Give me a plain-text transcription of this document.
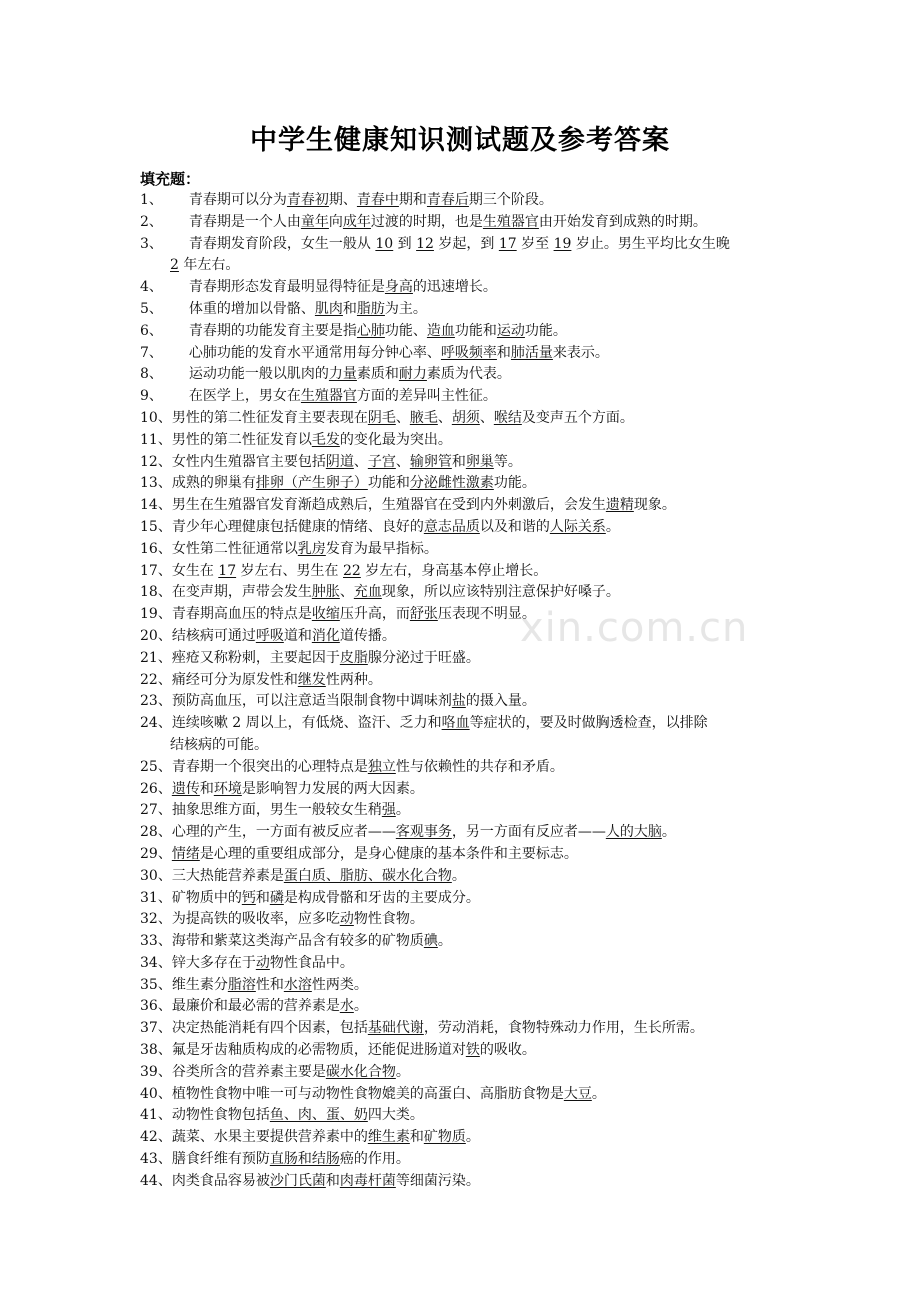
xin.com.cn
中学生健康知识测试题及参考答案
填充题：
1、 青春期可以分为青春初期、青春中期和青春后期三个阶段。
2、 青春期是一个人由童年向成年过渡的时期，也是生殖器官由开始发育到成熟的时期。
3、 青春期发育阶段，女生一般从 10 到 12 岁起，到 17 岁至 19 岁止。男生平均比女生晚
2 年左右。
4、 青春期形态发育最明显得特征是身高的迅速增长。
5、 体重的增加以骨骼、肌肉和脂肪为主。
6、 青春期的功能发育主要是指心肺功能、造血功能和运动功能。
7、 心肺功能的发育水平通常用每分钟心率、呼吸频率和肺活量来表示。
8、 运动功能一般以肌肉的力量素质和耐力素质为代表。
9、 在医学上，男女在生殖器官方面的差异叫主性征。
10、 男性的第二性征发育主要表现在阴毛、腋毛、胡须、喉结及变声五个方面。
11、 男性的第二性征发育以毛发的变化最为突出。
12、 女性内生殖器官主要包括阴道、子宫、输卵管和卵巢等。
13、 成熟的卵巢有排卵（产生卵子）功能和分泌雌性激素功能。
14、 男生在生殖器官发育渐趋成熟后，生殖器官在受到内外刺激后，会发生遗精现象。
15、 青少年心理健康包括健康的情绪、良好的意志品质以及和谐的人际关系。
16、 女性第二性征通常以乳房发育为最早指标。
17、 女生在 17 岁左右、男生在 22 岁左右，身高基本停止增长。
18、 在变声期，声带会发生肿胀、充血现象，所以应该特别注意保护好嗓子。
19、 青春期高血压的特点是收缩压升高，而舒张压表现不明显。
20、 结核病可通过呼吸道和消化道传播。
21、 痤疮又称粉刺，主要起因于皮脂腺分泌过于旺盛。
22、 痛经可分为原发性和继发性两种。
23、 预防高血压，可以注意适当限制食物中调味剂盐的摄入量。
24、 连续咳嗽 2 周以上，有低烧、盗汗、乏力和咯血等症状的，要及时做胸透检查，以排除
结核病的可能。
25、 青春期一个很突出的心理特点是独立性与依赖性的共存和矛盾。
26、 遗传和环境是影响智力发展的两大因素。
27、 抽象思维方面，男生一般较女生稍强。
28、 心理的产生，一方面有被反应者——客观事务，另一方面有反应者——人的大脑。
29、 情绪是心理的重要组成部分，是身心健康的基本条件和主要标志。
30、 三大热能营养素是蛋白质、脂肪、碳水化合物。
31、 矿物质中的钙和磷是构成骨骼和牙齿的主要成分。
32、 为提高铁的吸收率，应多吃动物性食物。
33、 海带和紫菜这类海产品含有较多的矿物质碘。
34、 锌大多存在于动物性食品中。
35、 维生素分脂溶性和水溶性两类。
36、 最廉价和最必需的营养素是水。
37、 决定热能消耗有四个因素，包括基础代谢，劳动消耗，食物特殊动力作用，生长所需。
38、 氟是牙齿釉质构成的必需物质，还能促进肠道对铁的吸收。
39、 谷类所含的营养素主要是碳水化合物。
40、 植物性食物中唯一可与动物性食物媲美的高蛋白、高脂肪食物是大豆。
41、 动物性食物包括鱼、肉、蛋、奶四大类。
42、 蔬菜、水果主要提供营养素中的维生素和矿物质。
43、 膳食纤维有预防直肠和结肠癌的作用。
44、 肉类食品容易被沙门氏菌和肉毒杆菌等细菌污染。
